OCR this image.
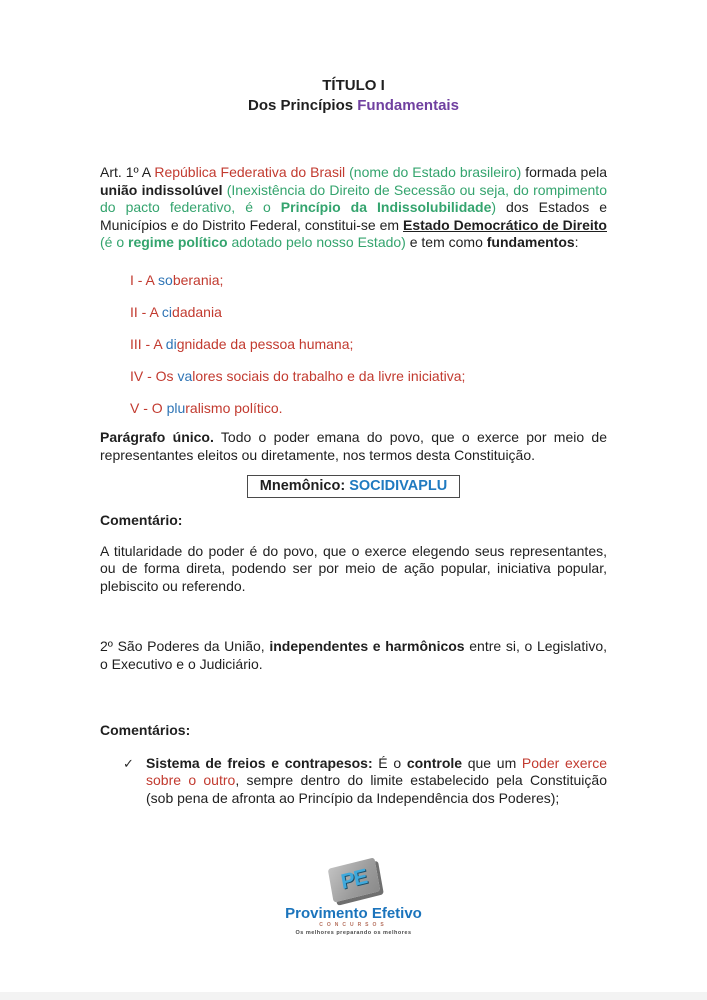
TÍTULO I
Dos Princípios Fundamentais

Art. 1º A República Federativa do Brasil (nome do Estado brasileiro) formada pela união indissolúvel (Inexistência do Direito de Secessão ou seja, do rompimento do pacto federativo, é o Princípio da Indissolubilidade) dos Estados e Municípios e do Distrito Federal, constitui-se em Estado Democrático de Direito (é o regime político adotado pelo nosso Estado) e tem como fundamentos:

I - A soberania;
II - A cidadania
III - A dignidade da pessoa humana;
IV - Os valores sociais do trabalho e da livre iniciativa;
V - O pluralismo político.

Parágrafo único. Todo o poder emana do povo, que o exerce por meio de representantes eleitos ou diretamente, nos termos desta Constituição.

Mnemônico: SOCIDIVAPLU

Comentário:

A titularidade do poder é do povo, que o exerce elegendo seus representantes, ou de forma direta, podendo ser por meio de ação popular, iniciativa popular, plebiscito ou referendo.

2º São Poderes da União, independentes e harmônicos entre si, o Legislativo, o Executivo e o Judiciário.

Comentários:

✓ Sistema de freios e contrapesos: É o controle que um Poder exerce sobre o outro, sempre dentro do limite estabelecido pela Constituição (sob pena de afronta ao Princípio da Independência dos Poderes);

PE
Provimento Efetivo
CONCURSOS
Os melhores preparando os melhores
